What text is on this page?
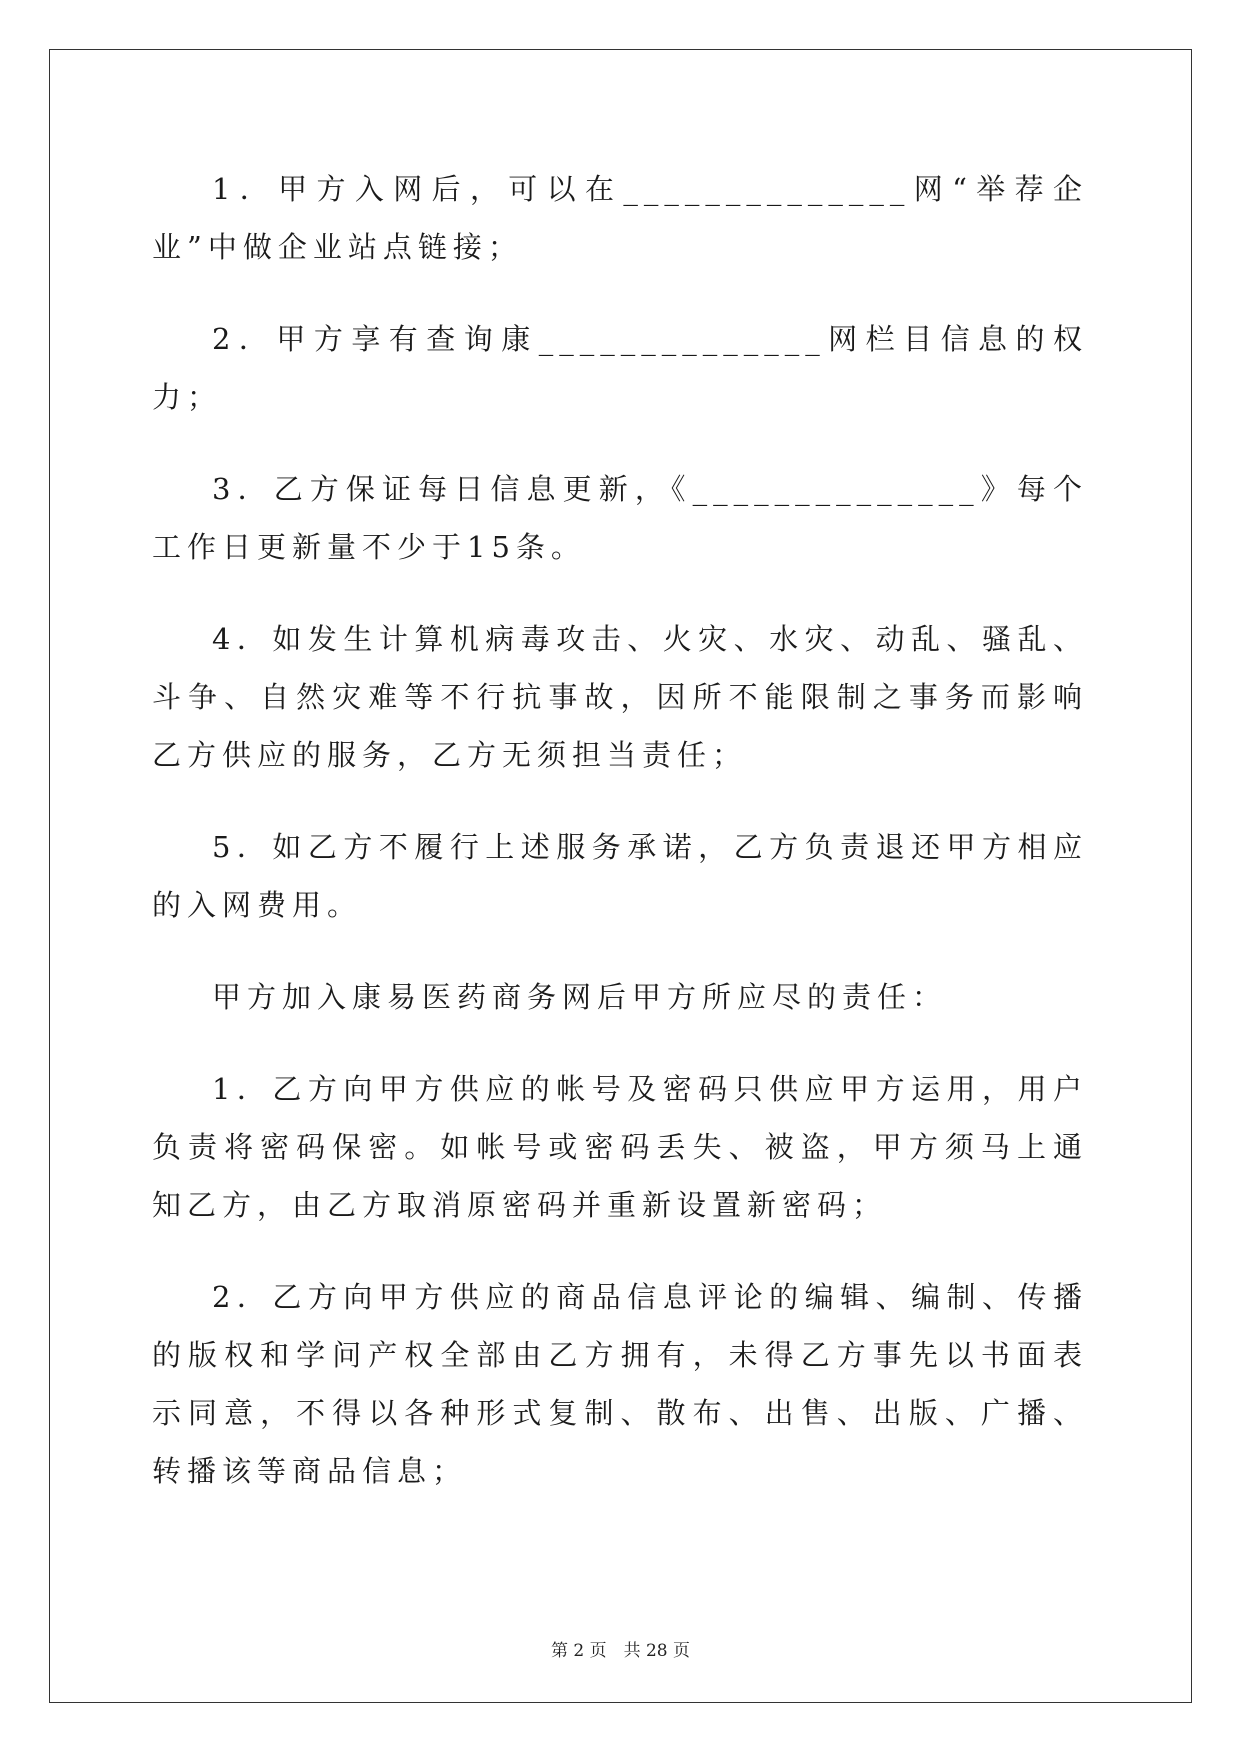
1．甲方入网后，可以在______________网“举荐企业”中做企业站点链接；

2．甲方享有查询康______________网栏目信息的权力；

3．乙方保证每日信息更新，《______________》每个工作日更新量不少于15条。

4．如发生计算机病毒攻击、火灾、水灾、动乱、骚乱、斗争、自然灾难等不行抗事故，因所不能限制之事务而影响乙方供应的服务，乙方无须担当责任；

5．如乙方不履行上述服务承诺，乙方负责退还甲方相应的入网费用。

甲方加入康易医药商务网后甲方所应尽的责任：

1．乙方向甲方供应的帐号及密码只供应甲方运用，用户负责将密码保密。如帐号或密码丢失、被盗，甲方须马上通知乙方，由乙方取消原密码并重新设置新密码；

2．乙方向甲方供应的商品信息评论的编辑、编制、传播的版权和学问产权全部由乙方拥有，未得乙方事先以书面表示同意，不得以各种形式复制、散布、出售、出版、广播、转播该等商品信息；

第 2 页　共 28 页
